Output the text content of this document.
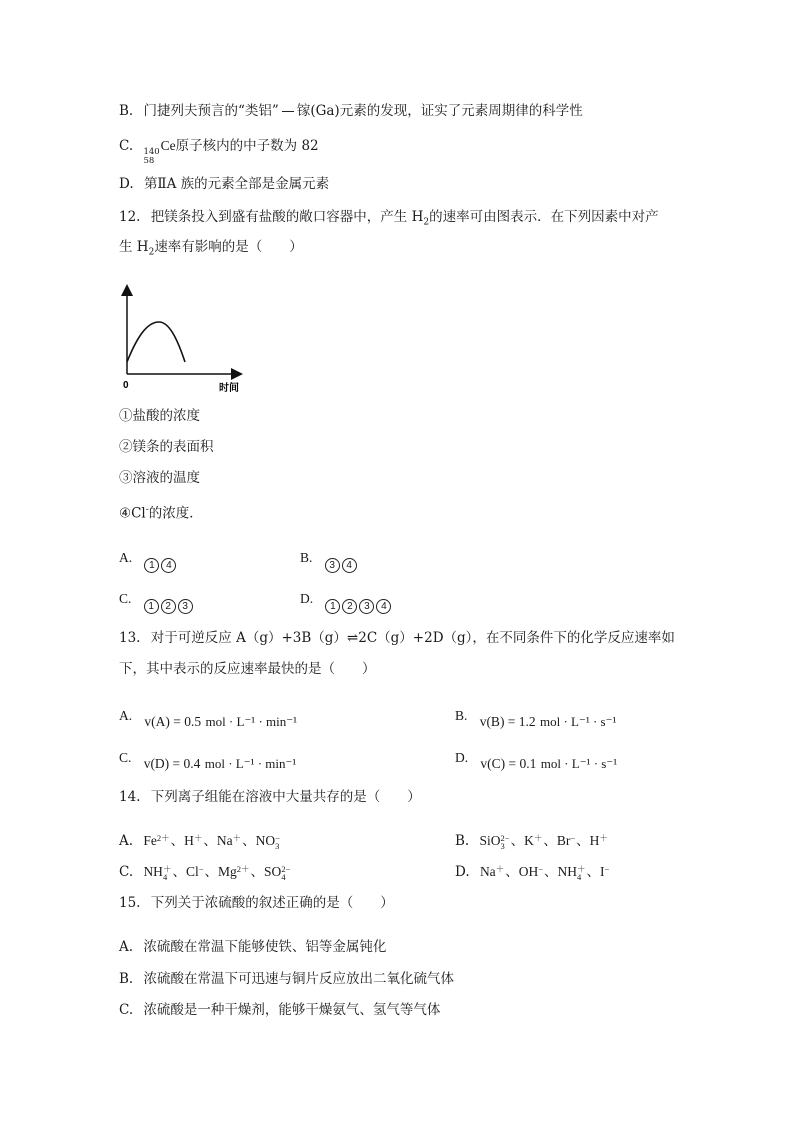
B. 门捷列夫预言的“类铝” 镓(Ga)元素的发现，证实了元素周期律的科学性
C. 140
58
Ce原子核内的中子数为 82
D. 第ⅡA 族的元素全部是金属元素
12. 把镁条投入到盛有盐酸的敞口容器中，产生 $H_2$的速率可由图表示．在下列因素中对产
生 $H_2$速率有影响的是（　　）
0	时间
①盐酸的浓度
②镁条的表面积
③溶液的温度
④Cl-的浓度．
A. 1 4
B. 3 4
C. 1 2 3
D. 1 2 3 4
13. 对于可逆反应 A（g）+3B（g）⇌2C（g）+2D（g），在不同条件下的化学反应速率如
下，其中表示的反应速率最快的是（　　）
A. v(A) = 0.5 mol · L⁻¹ · min⁻¹	B. v(B) = 1.2 mol · L⁻¹ · s⁻¹
C. v(D) = 0.4 mol · L⁻¹ · min⁻¹	D. v(C) = 0.1 mol · L⁻¹ · s⁻¹
14. 下列离子组能在溶液中大量共存的是（　　）
A. Fe 2＋
、H ＋
、Na ＋
、NO −
3	B. SiO 2−
3 、K ＋
、Br −
、H ＋

C. NH ＋
4 、Cl −
、Mg 2＋
、SO 2−
4	D. Na ＋
、OH −
、NH ＋
4 、I −

15. 下列关于浓硫酸的叙述正确的是（　　）
A. 浓硫酸在常温下能够使铁、铝等金属钝化
B. 浓硫酸在常温下可迅速与铜片反应放出二氧化硫气体
C. 浓硫酸是一种干燥剂，能够干燥氨气、氢气等气体
